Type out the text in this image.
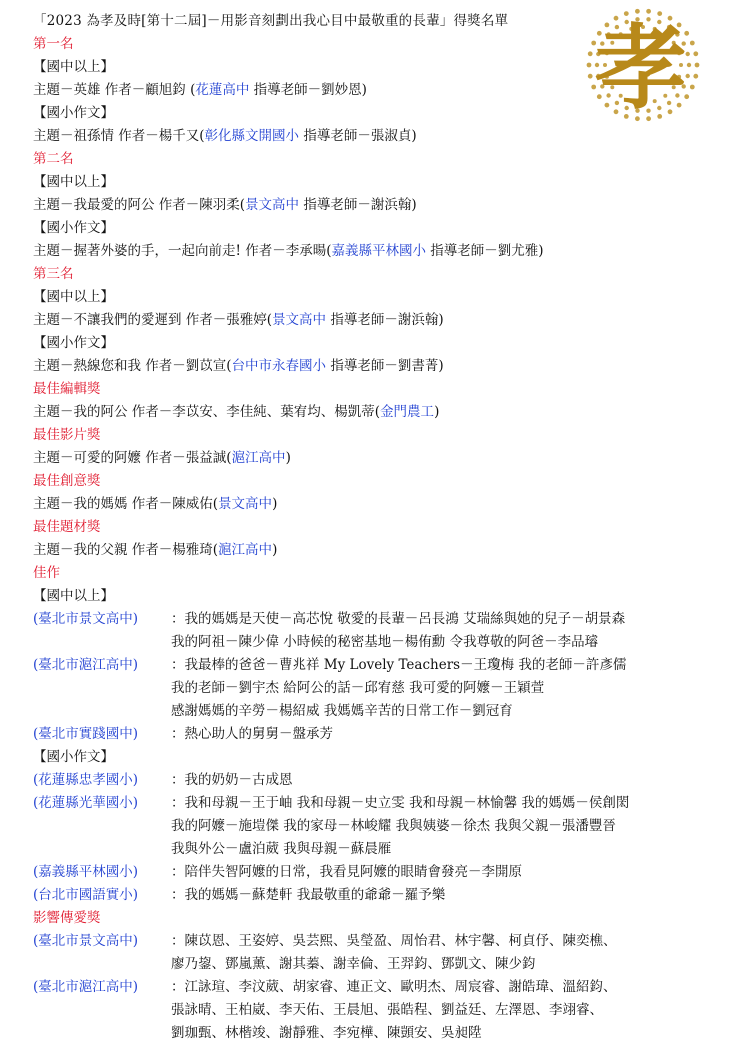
「2023 為孝及時[第十二屆]－用影音刻劃出我心目中最敬重的長輩」得獎名單 孝
第一名
【國中以上】
主題－英雄 作者－顧旭鈞 (花蓮高中 指導老師－劉妙恩)
【國小作文】
主題－祖孫情 作者－楊千又(彰化縣文開國小 指導老師－張淑貞)
第二名
【國中以上】
主題－我最愛的阿公 作者－陳羽柔(景文高中 指導老師－謝浜翰)
【國小作文】
主題－握著外婆的手，一起向前走! 作者－李承暘(嘉義縣平林國小 指導老師－劉尤雅)
第三名
【國中以上】
主題－不讓我們的愛遲到 作者－張雅婷(景文高中 指導老師－謝浜翰)
【國小作文】
主題－熱線您和我 作者－劉苡宣(台中市永春國小 指導老師－劉書菁)
最佳編輯獎
主題－我的阿公 作者－李苡安、李佳純、葉宥均、楊凱蒂(金門農工)
最佳影片獎
主題－可愛的阿嬤 作者－張益誠(滬江高中)
最佳創意獎
主題－我的媽媽 作者－陳威佑(景文高中)
最佳題材獎
主題－我的父親 作者－楊雅琦(滬江高中)
佳作
【國中以上】
(臺北市景文高中)	：我的媽媽是天使－高芯悅 敬愛的長輩－呂長鴻 艾瑞絲與她的兒子－胡景森
我的阿祖－陳少偉 小時候的秘密基地－楊侑勳 令我尊敬的阿爸－李品璿
(臺北市滬江高中)	：我最棒的爸爸－曹兆祥 My Lovely Teachers－王瓊梅 我的老師－許彥儒
我的老師－劉宇杰 給阿公的話－邱宥慈 我可愛的阿嬤－王穎萱
感謝媽媽的辛勞－楊紹威 我媽媽辛苦的日常工作－劉冠育
(臺北市實踐國中)	：熱心助人的舅舅－盤承芳
【國小作文】
(花蓮縣忠孝國小)	：我的奶奶－古成恩
(花蓮縣光華國小)	：我和母親－王于岫 我和母親－史立雯 我和母親－林愉馨 我的媽媽－侯創閎
我的阿嬤－施塏傑 我的家母－林峻耀 我與姨婆－徐杰 我與父親－張潘豐晉
我與外公－盧泊葳 我與母親－蘇晨雁
(嘉義縣平林國小)	：陪伴失智阿嬤的日常，我看見阿嬤的眼睛會發亮－李開原
(台北市國語實小)	：我的媽媽－蘇楚軒 我最敬重的爺爺－羅予樂
影響傳愛獎
(臺北市景文高中)	：陳苡恩、王姿婷、吳芸熙、吳瑩盈、周怡君、林宇馨、柯貞伃、陳奕樵、
廖乃鋆、鄧嵐薰、謝其蓁、謝幸倫、王羿鈞、鄧凱文、陳少鈞
(臺北市滬江高中)	：江詠瑄、李汶葳、胡家睿、連正文、歐明杰、周宸睿、謝皓瑋、溫紹鈞、
張詠晴、王柏崴、李天佑、王晨旭、張皓程、劉益廷、左澤恩、李翊睿、
劉珈甄、林楷竣、謝靜雅、李宛樺、陳顗安、吳昶陞
